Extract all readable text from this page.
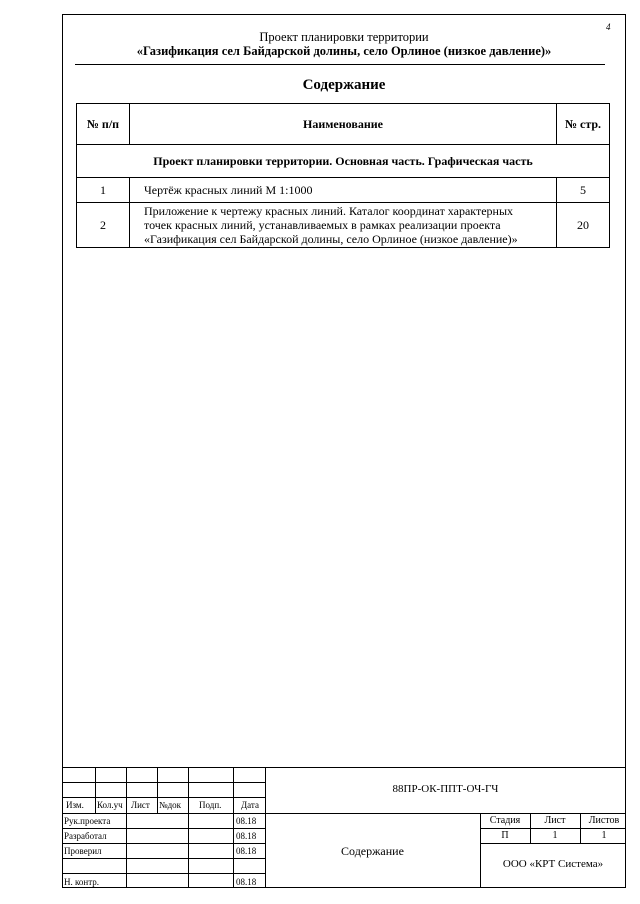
4
Проект планировки территории
«Газификация сел Байдарской долины, село Орлиное (низкое давление)»
Содержание
№ п/п	Наименование	№ стр.
Проект планировки территории. Основная часть. Графическая часть		
1	Чертёж красных линий М 1:1000	5
2	Приложение к чертежу красных линий. Каталог координат характерных
точек красных линий, устанавливаемых в рамках реализации проекта
«Газификация сел Байдарской долины, село Орлиное (низкое давление)»	20
Изм. Кол.уч Лист №док Подп. Дата
Рук.проекта	08.18
Разработал	08.18
Проверил	08.18
Н. контр.	08.18
88ПР-ОК-ППТ-ОЧ-ГЧ
Содержание
Стадия	Лист	Листов
П	1	1
ООО «КРТ Система»
